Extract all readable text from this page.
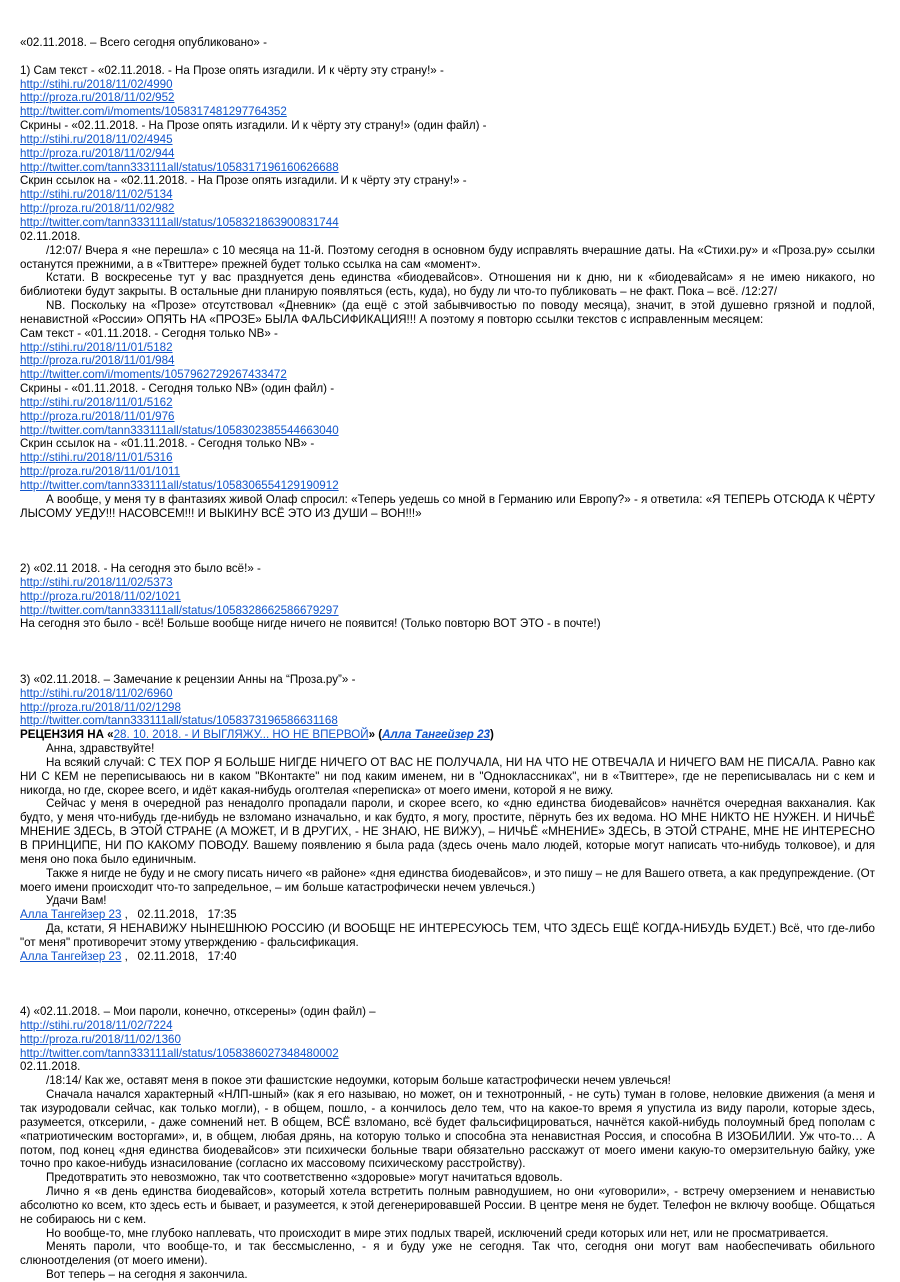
«02.11.2018. – Всего сегодня опубликовано» -
1) Сам текст - «02.11.2018. - На Прозе опять изгадили. И к чёрту эту страну!» -
http://stihi.ru/2018/11/02/4990
http://proza.ru/2018/11/02/952
http://twitter.com/i/moments/1058317481297764352
Скрины - «02.11.2018. - На Прозе опять изгадили. И к чёрту эту страну!» (один файл) -
http://stihi.ru/2018/11/02/4945
http://proza.ru/2018/11/02/944
http://twitter.com/tann333111all/status/1058317196160626688
Скрин ссылок на - «02.11.2018. - На Прозе опять изгадили. И к чёрту эту страну!» -
http://stihi.ru/2018/11/02/5134
http://proza.ru/2018/11/02/982
http://twitter.com/tann333111all/status/1058321863900831744
02.11.2018.
/12:07/ Вчера я «не перешла» с 10 месяца на 11-й. Поэтому сегодня в основном буду исправлять вчерашние даты. На «Стихи.ру» и «Проза.ру» ссылки останутся прежними, а в «Твиттере» прежней будет только ссылка на сам «момент».
Кстати. В воскресенье тут у вас празднуется день единства «биодевайсов». Отношения ни к дню, ни к «биодевайсам» я не имею никакого, но библиотеки будут закрыты. В остальные дни планирую появляться (есть, куда), но буду ли что-то публиковать – не факт. Пока – всё. /12:27/
NB. Поскольку на «Прозе» отсутствовал «Дневник» (да ещё с этой забывчивостью по поводу месяца), значит, в этой душевно грязной и подлой, ненавистной «России» ОПЯТЬ НА «ПРОЗЕ» БЫЛА ФАЛЬСИФИКАЦИЯ!!! А поэтому я повторю ссылки текстов с исправленным месяцем:
Сам текст - «01.11.2018. - Сегодня только NB» -
http://stihi.ru/2018/11/01/5182
http://proza.ru/2018/11/01/984
http://twitter.com/i/moments/1057962729267433472
Скрины - «01.11.2018. - Сегодня только NB» (один файл) -
http://stihi.ru/2018/11/01/5162
http://proza.ru/2018/11/01/976
http://twitter.com/tann333111all/status/1058302385544663040
Скрин ссылок на - «01.11.2018. - Сегодня только NB» -
http://stihi.ru/2018/11/01/5316
http://proza.ru/2018/11/01/1011
http://twitter.com/tann333111all/status/1058306554129190912
А вообще, у меня ту в фантазиях живой Олаф спросил: «Теперь уедешь со мной в Германию или Европу?» - я ответила: «Я ТЕПЕРЬ ОТСЮДА К ЧЁРТУ ЛЫСОМУ УЕДУ!!! НАСОВСЕМ!!! И ВЫКИНУ ВСЁ ЭТО ИЗ ДУШИ – ВОН!!!»
2) «02.11 2018. - На сегодня это было всё!» -
http://stihi.ru/2018/11/02/5373
http://proza.ru/2018/11/02/1021
http://twitter.com/tann333111all/status/1058328662586679297
На сегодня это было - всё! Больше вообще нигде ничего не появится! (Только повторю ВОТ ЭТО - в почте!)
3) «02.11.2018. – Замечание к рецензии Анны на “Проза.ру”» -
http://stihi.ru/2018/11/02/6960
http://proza.ru/2018/11/02/1298
http://twitter.com/tann333111all/status/1058373196586631168
РЕЦЕНЗИЯ НА «28. 10. 2018. - И ВЫГЛЯЖУ... НО НЕ ВПЕРВОЙ» (Алла Тангейзер 23)
Анна, здравствуйте!
На всякий случай: С ТЕХ ПОР Я БОЛЬШЕ НИГДЕ НИЧЕГО ОТ ВАС НЕ ПОЛУЧАЛА, НИ НА ЧТО НЕ ОТВЕЧАЛА И НИЧЕГО ВАМ НЕ ПИСАЛА. Равно как НИ С КЕМ не переписываюсь ни в каком "ВКонтакте" ни под каким именем, ни в "Одноклассниках", ни в «Твиттере», где не переписывалась ни с кем и никогда, но где, скорее всего, и идёт какая-нибудь оголтелая «переписка» от моего имени, которой я не вижу.
Сейчас у меня в очередной раз ненадолго пропадали пароли, и скорее всего, ко «дню единства биодевайсов» начнётся очередная вакханалия. Как будто, у меня что-нибудь где-нибудь не взломано изначально, и как будто, я могу, простите, пёрнуть без их ведома. НО МНЕ НИКТО НЕ НУЖЕН. И НИЧЬЁ МНЕНИЕ ЗДЕСЬ, В ЭТОЙ СТРАНЕ (А МОЖЕТ, И В ДРУГИХ, - НЕ ЗНАЮ, НЕ ВИЖУ), – НИЧЬЁ «МНЕНИЕ» ЗДЕСЬ, В ЭТОЙ СТРАНЕ, МНЕ НЕ ИНТЕРЕСНО В ПРИНЦИПЕ, НИ ПО КАКОМУ ПОВОДУ. Вашему появлению я была рада (здесь очень мало людей, которые могут написать что-нибудь толковое), и для меня оно пока было единичным.
Также я нигде не буду и не смогу писать ничего «в районе» «дня единства биодевайсов», и это пишу – не для Вашего ответа, а как предупреждение. (От моего имени происходит что-то запредельное, – им больше катастрофически нечем увлечься.)
Удачи Вам!
Алла Тангейзер 23 ,   02.11.2018,   17:35
Да, кстати, Я НЕНАВИЖУ НЫНЕШНЮЮ РОССИЮ (И ВООБЩЕ НЕ ИНТЕРЕСУЮСЬ ТЕМ, ЧТО ЗДЕСЬ ЕЩЁ КОГДА-НИБУДЬ БУДЕТ.) Всё, что где-либо "от меня" противоречит этому утверждению - фальсификация.
Алла Тангейзер 23 ,   02.11.2018,   17:40
4) «02.11.2018. – Мои пароли, конечно, отксерены» (один файл) –
http://stihi.ru/2018/11/02/7224
http://proza.ru/2018/11/02/1360
http://twitter.com/tann333111all/status/1058386027348480002
02.11.2018.
/18:14/ Как же, оставят меня в покое эти фашистские недоумки, которым больше катастрофически нечем увлечься!
Сначала начался характерный «НЛП-шный» (как я его называю, но может, он и технотронный, - не суть) туман в голове, неловкие движения (а меня и так изуродовали сейчас, как только могли), - в общем, пошло, - а кончилось дело тем, что на какое-то время я упустила из виду пароли, которые здесь, разумеется, отксерили, - даже сомнений нет. В общем, ВСЁ взломано, всё будет фальсифицироваться, начнётся какой-нибудь полоумный бред пополам с «патриотическим восторгами», и, в общем, любая дрянь, на которую только и способна эта ненавистная Россия, и способна В ИЗОБИЛИИ. Уж что-то… А потом, под конец «дня единства биодевайсов» эти психически больные твари обязательно расскажут от моего имени какую-то омерзительную байку, уже точно про какое-нибудь изнасилование (согласно их массовому психическому расстройству).
Предотвратить это невозможно, так что соответственно «здоровые» могут начитаться вдоволь.
Лично я «в день единства биодевайсов», который хотела встретить полным равнодушием, но они «уговорили», - встречу омерзением и ненавистью абсолютно ко всем, кто здесь есть и бывает, и разумеется, к этой дегенерировавшей России. В центре меня не будет. Телефон не включу вообще. Общаться не собираюсь ни с кем.
Но вообще-то, мне глубоко наплевать, что происходит в мире этих подлых тварей, исключений среди которых или нет, или не просматривается.
Менять пароли, что вообще-то, и так бессмысленно, - я и буду уже не сегодня. Так что, сегодня они могут вам наобеспечивать обильного слюноотделения (от моего имени).
Вот теперь – на сегодня я закончила.
